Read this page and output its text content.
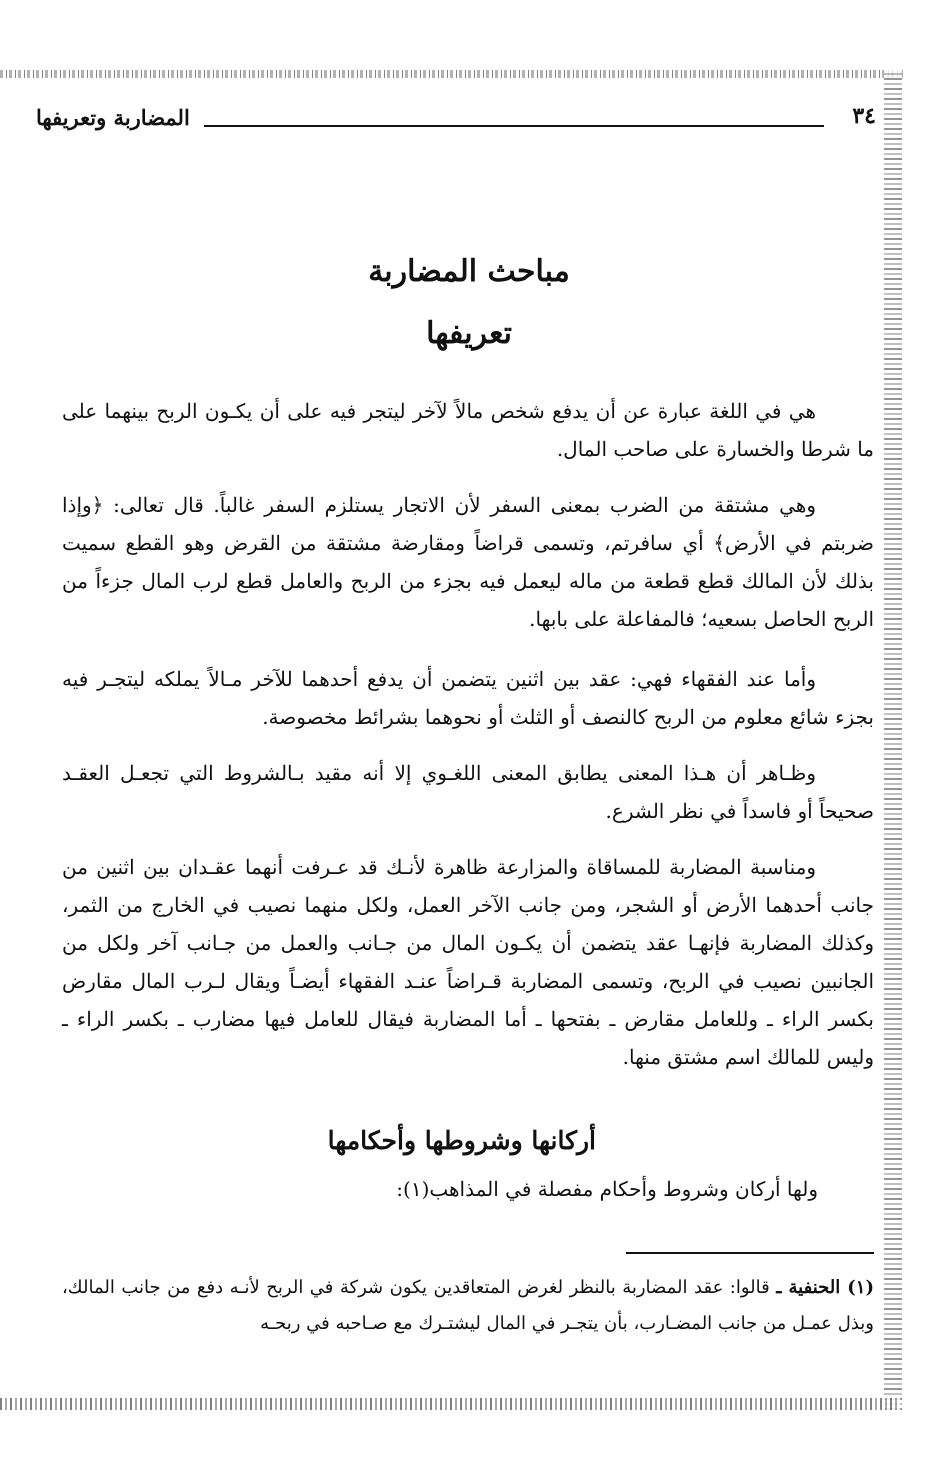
المضاربة وتعريفها	٣٤
مباحث المضاربة
تعريفها
هي في اللغة عبارة عن أن يدفع شخص مالاً لآخر ليتجر فيه على أن يكـون الربح بينهما على ما شرطا والخسارة على صاحب المال.
وهي مشتقة من الضرب بمعنى السفر لأن الاتجار يستلزم السفر غالباً. قال تعالى: ﴿وإذا ضربتم في الأرض﴾ أي سافرتم، وتسمى قراضاً ومقارضة مشتقة من القرض وهو القطع سميت بذلك لأن المالك قطع قطعة من ماله ليعمل فيه بجزء من الربح والعامل قطع لرب المال جزءاً من الربح الحاصل بسعيه؛ فالمفاعلة على بابها.
وأما عند الفقهاء فهي: عقد بين اثنين يتضمن أن يدفع أحدهما للآخر مـالاً يملكه ليتجـر فيه بجزء شائع معلوم من الربح كالنصف أو الثلث أو نحوهما بشرائط مخصوصة.
وظـاهر أن هـذا المعنى يطابق المعنى اللغـوي إلا أنه مقيد بـالشروط التي تجعـل العقـد صحيحاً أو فاسداً في نظر الشرع.
ومناسبة المضاربة للمساقاة والمزارعة ظاهرة لأنـك قد عـرفت أنهما عقـدان بين اثنين من جانب أحدهما الأرض أو الشجر، ومن جانب الآخر العمل، ولكل منهما نصيب في الخارج من الثمر، وكذلك المضاربة فإنهـا عقد يتضمن أن يكـون المال من جـانب والعمل من جـانب آخر ولكل من الجانبين نصيب في الربح، وتسمى المضاربة قـراضاً عنـد الفقهاء أيضـاً ويقال لـرب المال مقارض بكسر الراء ـ وللعامل مقارض ـ بفتحها ـ أما المضاربة فيقال للعامل فيها مضارب ـ بكسر الراء ـ وليس للمالك اسم مشتق منها.
أركانها وشروطها وأحكامها
ولها أركان وشروط وأحكام مفصلة في المذاهب(١):
(١) الحنفية ـ قالوا: عقد المضاربة بالنظر لغرض المتعاقدين يكون شركة في الربح لأنـه دفع من جانب المالك، وبذل عمـل من جانب المضـارب، بأن يتجـر في المال ليشتـرك مع صـاحبه في ربحـه
